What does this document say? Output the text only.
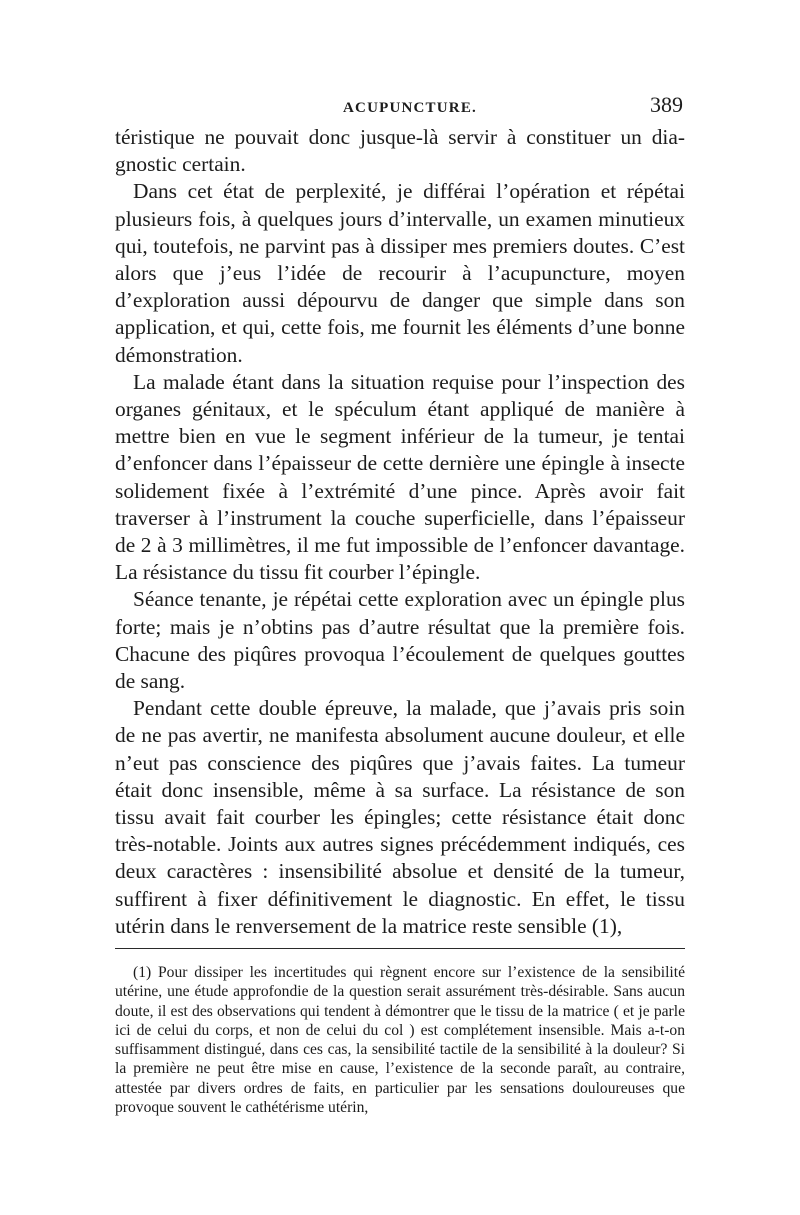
ACUPUNCTURE.	389

téristique ne pouvait donc jusque-là servir à constituer un dia-gnostic certain.

Dans cet état de perplexité, je différai l’opération et répétai plusieurs fois, à quelques jours d’intervalle, un examen minutieux qui, toutefois, ne parvint pas à dissiper mes premiers doutes. C’est alors que j’eus l’idée de recourir à l’acupuncture, moyen d’exploration aussi dépourvu de danger que simple dans son application, et qui, cette fois, me fournit les éléments d’une bonne démonstration.

La malade étant dans la situation requise pour l’inspection des organes génitaux, et le spéculum étant appliqué de manière à mettre bien en vue le segment inférieur de la tumeur, je tentai d’enfoncer dans l’épaisseur de cette dernière une épingle à insecte solidement fixée à l’extrémité d’une pince. Après avoir fait traverser à l’instrument la couche superficielle, dans l’épaisseur de 2 à 3 millimètres, il me fut impossible de l’enfoncer davantage. La résistance du tissu fit courber l’épingle.

Séance tenante, je répétai cette exploration avec un épingle plus forte; mais je n’obtins pas d’autre résultat que la première fois. Chacune des piqûres provoqua l’écoulement de quelques gouttes de sang.

Pendant cette double épreuve, la malade, que j’avais pris soin de ne pas avertir, ne manifesta absolument aucune douleur, et elle n’eut pas conscience des piqûres que j’avais faites. La tumeur était donc insensible, même à sa surface. La résistance de son tissu avait fait courber les épingles; cette résistance était donc très-notable. Joints aux autres signes précédemment indiqués, ces deux caractères : insensibilité absolue et densité de la tumeur, suffirent à fixer définitivement le diagnostic. En effet, le tissu utérin dans le renversement de la matrice reste sensible (1),

(1) Pour dissiper les incertitudes qui règnent encore sur l’existence de la sensibilité utérine, une étude approfondie de la question serait assurément très-désirable. Sans aucun doute, il est des observations qui tendent à démontrer que le tissu de la matrice ( et je parle ici de celui du corps, et non de celui du col ) est complétement insensible. Mais a-t-on suffisamment distingué, dans ces cas, la sensibilité tactile de la sensibilité à la douleur? Si la première ne peut être mise en cause, l’existence de la seconde paraît, au contraire, attestée par divers ordres de faits, en particulier par les sensations douloureuses que provoque souvent le cathétérisme utérin,
